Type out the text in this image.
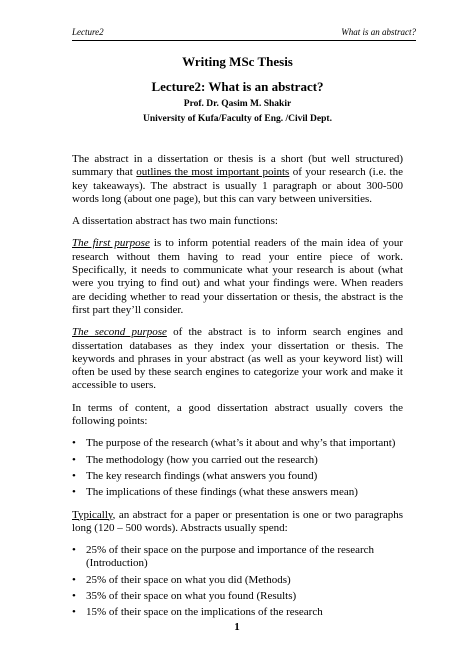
Lecture2	What is an abstract?
Writing MSc Thesis
Lecture2: What is an abstract?
Prof. Dr. Qasim M. Shakir
University of Kufa/Faculty of Eng. /Civil Dept.

The abstract in a dissertation or thesis is a short (but well structured) summary that outlines the most important points of your research (i.e. the key takeaways). The abstract is usually 1 paragraph or about 300-500 words long (about one page), but this can vary between universities.

A dissertation abstract has two main functions:

The first purpose is to inform potential readers of the main idea of your research without them having to read your entire piece of work. Specifically, it needs to communicate what your research is about (what were you trying to find out) and what your findings were. When readers are deciding whether to read your dissertation or thesis, the abstract is the first part they’ll consider.

The second purpose of the abstract is to inform search engines and dissertation databases as they index your dissertation or thesis. The keywords and phrases in your abstract (as well as your keyword list) will often be used by these search engines to categorize your work and make it accessible to users.

In terms of content, a good dissertation abstract usually covers the following points:

• The purpose of the research (what’s it about and why’s that important)
• The methodology (how you carried out the research)
• The key research findings (what answers you found)
• The implications of these findings (what these answers mean)

Typically, an abstract for a paper or presentation is one or two paragraphs long (120 – 500 words). Abstracts usually spend:

• 25% of their space on the purpose and importance of the research (Introduction)
• 25% of their space on what you did (Methods)
• 35% of their space on what you found (Results)
• 15% of their space on the implications of the research
1
